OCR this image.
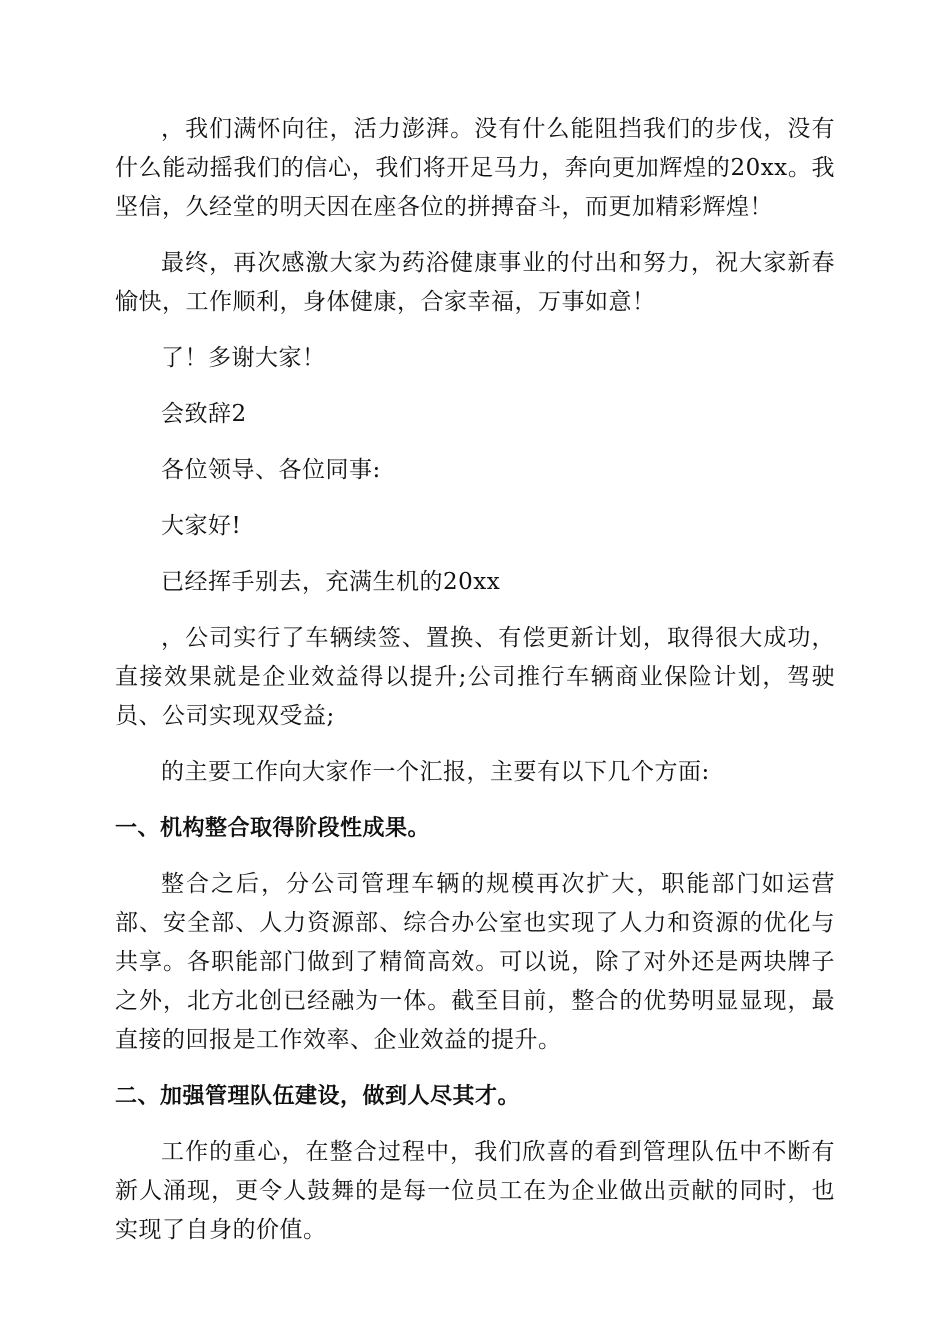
，我们满怀向往，活力澎湃。没有什么能阻挡我们的步伐，没有什么能动摇我们的信心，我们将开足马力，奔向更加辉煌的20xx。我坚信，久经堂的明天因在座各位的拼搏奋斗，而更加精彩辉煌！

最终，再次感激大家为药浴健康事业的付出和努力，祝大家新春愉快，工作顺利，身体健康，合家幸福，万事如意！

了！多谢大家！

会致辞2

各位领导、各位同事:

大家好!

已经挥手别去，充满生机的20xx

，公司实行了车辆续签、置换、有偿更新计划，取得很大成功，直接效果就是企业效益得以提升;公司推行车辆商业保险计划，驾驶员、公司实现双受益;

的主要工作向大家作一个汇报，主要有以下几个方面:

一、机构整合取得阶段性成果。

整合之后，分公司管理车辆的规模再次扩大，职能部门如运营部、安全部、人力资源部、综合办公室也实现了人力和资源的优化与共享。各职能部门做到了精简高效。可以说，除了对外还是两块牌子之外，北方北创已经融为一体。截至目前，整合的优势明显显现，最直接的回报是工作效率、企业效益的提升。

二、加强管理队伍建设，做到人尽其才。

工作的重心，在整合过程中，我们欣喜的看到管理队伍中不断有新人涌现，更令人鼓舞的是每一位员工在为企业做出贡献的同时，也实现了自身的价值。
